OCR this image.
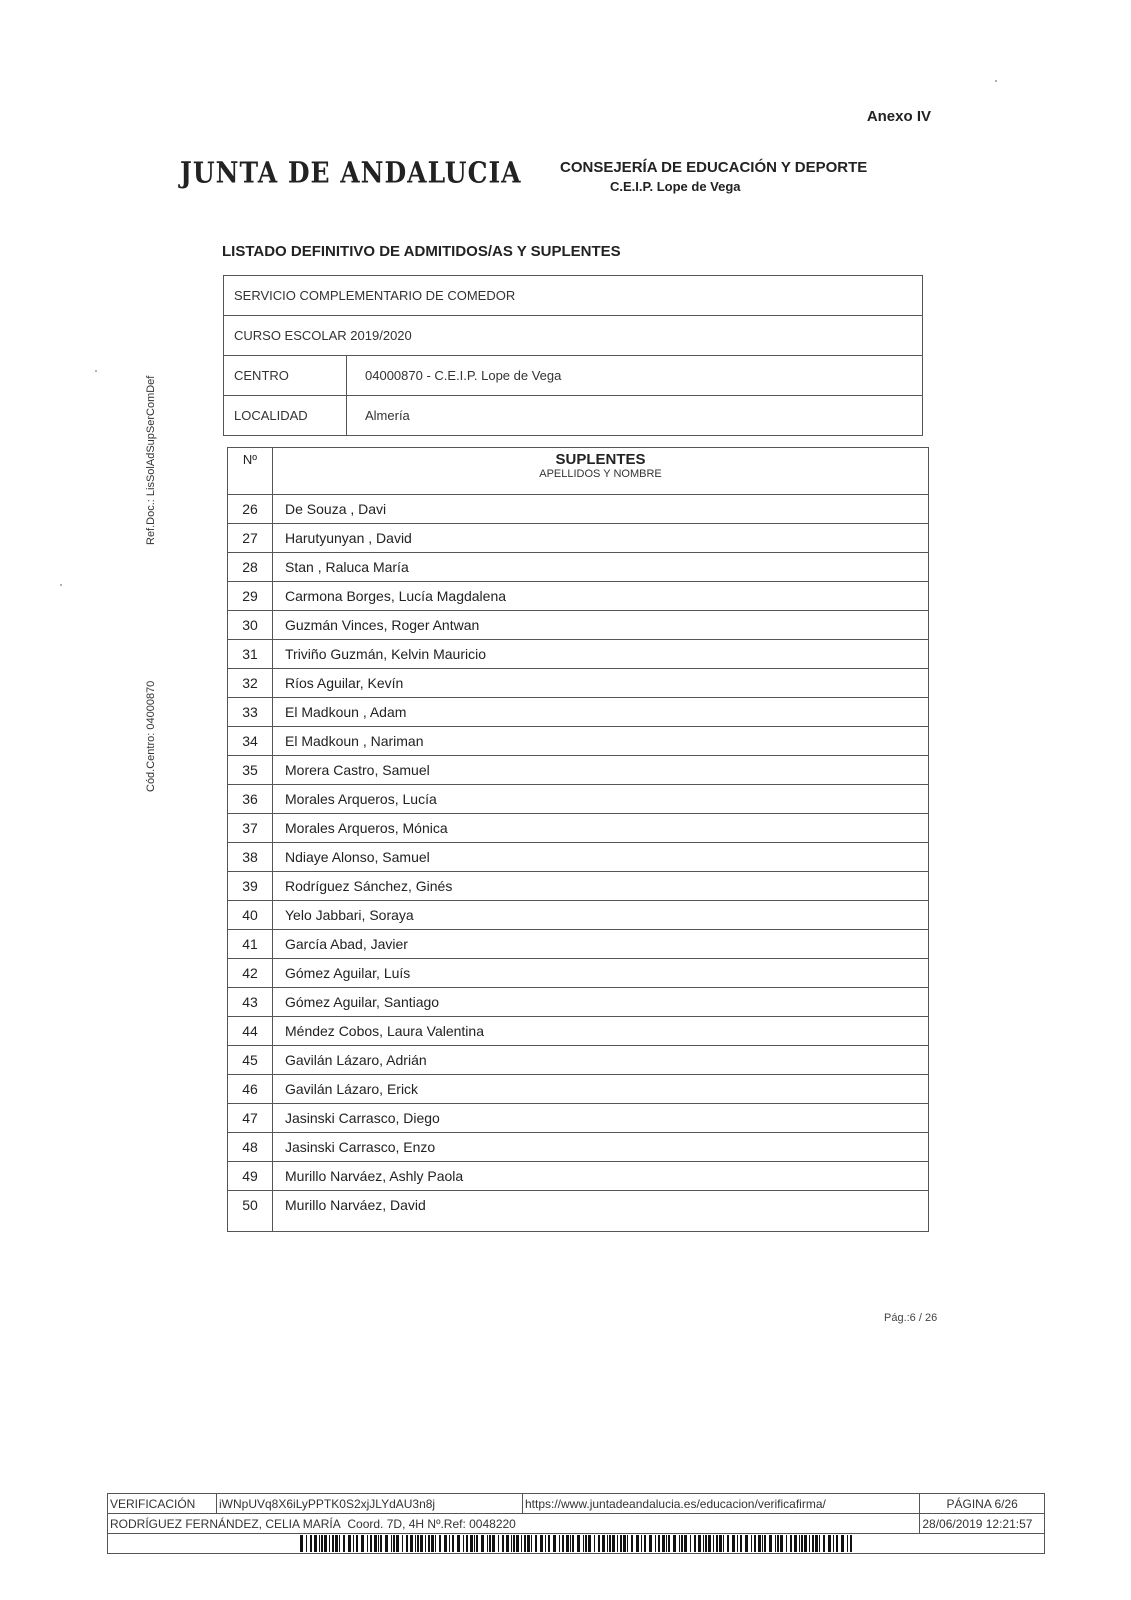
Anexo IV
JUNTA DE ANDALUCIA	CONSEJERÍA DE EDUCACIÓN Y DEPORTE
C.E.I.P. Lope de Vega
LISTADO DEFINITIVO DE ADMITIDOS/AS Y SUPLENTES
Ref.Doc.: LisSolAdSupSerComDef
Cód.Centro: 04000870
SERVICIO COMPLEMENTARIO DE COMEDOR	
CURSO ESCOLAR 2019/2020	
CENTRO	04000870 - C.E.I.P. Lope de Vega
LOCALIDAD	Almería
Nº	SUPLENTES
APELLIDOS Y NOMBRE

26	De Souza , Davi
27	Harutyunyan , David
28	Stan , Raluca María
29	Carmona Borges, Lucía Magdalena
30	Guzmán Vinces, Roger Antwan
31	Triviño Guzmán, Kelvin Mauricio
32	Ríos Aguilar, Kevín
33	El Madkoun , Adam
34	El Madkoun , Nariman
35	Morera Castro, Samuel
36	Morales Arqueros, Lucía
37	Morales Arqueros, Mónica
38	Ndiaye Alonso, Samuel
39	Rodríguez Sánchez, Ginés
40	Yelo Jabbari, Soraya
41	García Abad, Javier
42	Gómez Aguilar, Luís
43	Gómez Aguilar, Santiago
44	Méndez Cobos, Laura Valentina
45	Gavilán Lázaro, Adrián
46	Gavilán Lázaro, Erick
47	Jasinski Carrasco, Diego
48	Jasinski Carrasco, Enzo
49	Murillo Narváez, Ashly Paola
50	Murillo Narváez, David
Pág.:6 / 26
VERIFICACIÓN	iWNpUVq8X6iLyPPTK0S2xjJLYdAU3n8j	https://www.juntadeandalucia.es/educacion/verificafirma/	PÁGINA 6/26
RODRÍGUEZ FERNÁNDEZ, CELIA MARÍA Coord. 7D, 4H Nº.Ref: 0048220			28/06/2019 12:21:57
